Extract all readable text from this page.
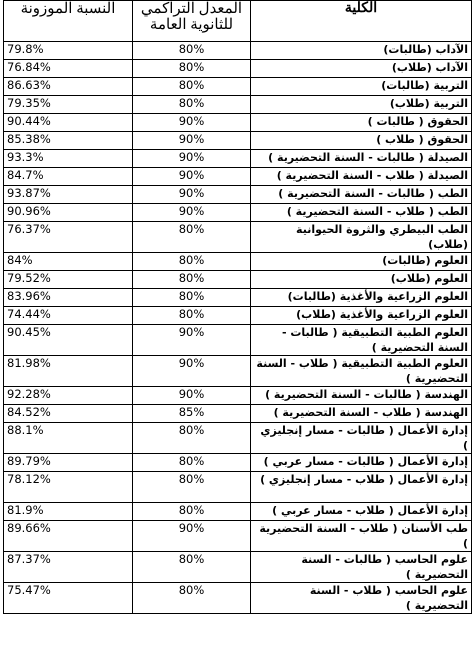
الكلية	المعدل التراكمي للثانوية العامة	النسبة الموزونة
الآداب (طالبات)	80%	79.8%
الآداب (طلاب)	80%	76.84%
التربية (طالبات)	80%	86.63%
التربية (طلاب)	80%	79.35%
الحقوق ( طالبات )	90%	90.44%
الحقوق ( طلاب )	90%	85.38%
الصيدلة ( طالبات - السنة التحضيرية )	90%	93.3%
الصيدلة ( طلاب - السنة التحضيرية )	90%	84.7%
الطب ( طالبات - السنة التحضيرية )	90%	93.87%
الطب ( طلاب - السنة التحضيرية )	90%	90.96%
الطب البيطري والثروة الحيوانية (طلاب)	80%	76.37%
العلوم (طالبات)	80%	84%
العلوم (طلاب)	80%	79.52%
العلوم الزراعية والأغذية (طالبات)	80%	83.96%
العلوم الزراعية والأغذية (طلاب)	80%	74.44%
العلوم الطبية التطبيقية ( طالبات - السنة التحضيرية )	90%	90.45%
العلوم الطبية التطبيقية ( طلاب - السنة التحضيرية )	90%	81.98%
الهندسة ( طالبات - السنة التحضيرية )	90%	92.28%
الهندسة ( طلاب - السنة التحضيرية )	85%	84.52%
إدارة الأعمال ( طالبات - مسار إنجليزي )	80%	88.1%
إدارة الأعمال ( طالبات - مسار عربي )	80%	89.79%
إدارة الأعمال ( طلاب - مسار إنجليزي )	80%	78.12%
إدارة الأعمال ( طلاب - مسار عربي )	80%	81.9%
طب الأسنان ( طلاب - السنة التحضيرية )	90%	89.66%
علوم الحاسب ( طالبات - السنة التحضيرية )	80%	87.37%
علوم الحاسب ( طلاب - السنة التحضيرية )	80%	75.47%
